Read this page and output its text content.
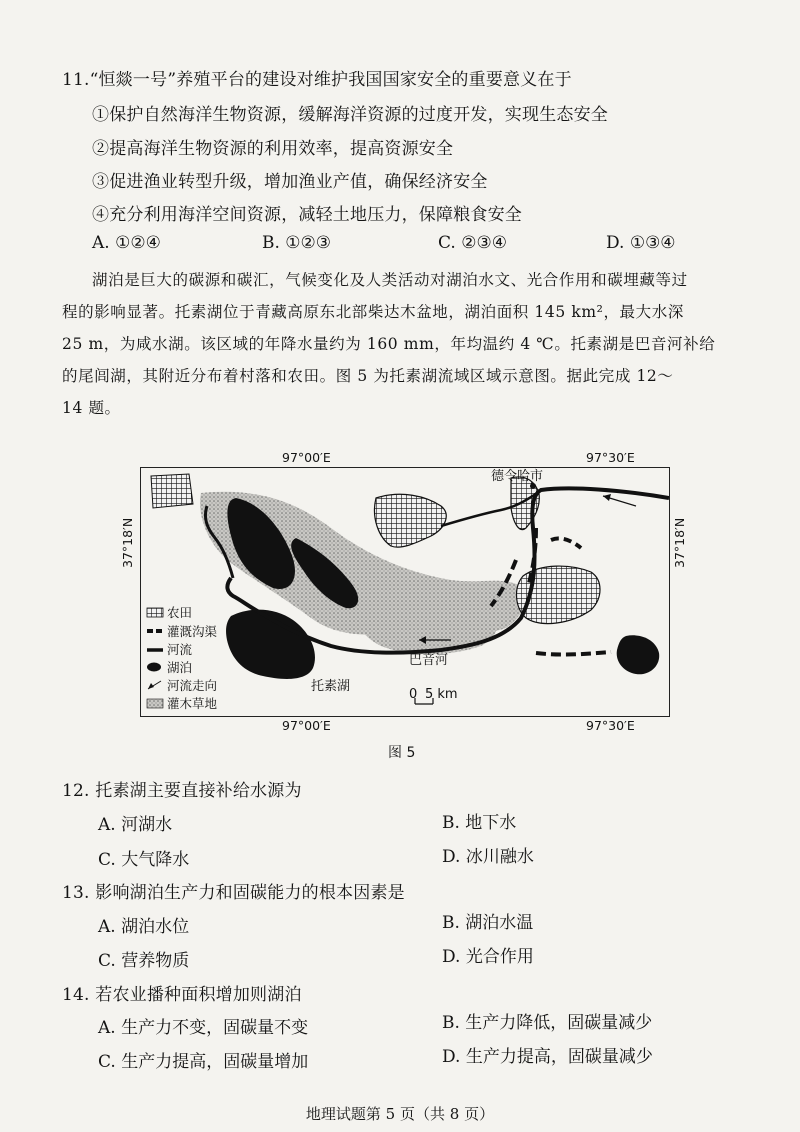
11.“恒燚一号”养殖平台的建设对维护我国国家安全的重要意义在于
①保护自然海洋生物资源，缓解海洋资源的过度开发，实现生态安全
②提高海洋生物资源的利用效率，提高资源安全
③促进渔业转型升级，增加渔业产值，确保经济安全
④充分利用海洋空间资源，减轻土地压力，保障粮食安全
A. ①②④	B. ①②③	C. ②③④	D. ①③④
湖泊是巨大的碳源和碳汇，气候变化及人类活动对湖泊水文、光合作用和碳埋藏等过
程的影响显著。托素湖位于青藏高原东北部柴达木盆地，湖泊面积 145 km²，最大水深
25 m，为咸水湖。该区域的年降水量约为 160 mm，年均温约 4 ℃。托素湖是巴音河补给
的尾闾湖，其附近分布着村落和农田。图 5 为托素湖流域区域示意图。据此完成 12～
14 题。
97°00′E	97°30′E
97°00′E	97°30′E
37°18′N	37°18′N
农田
灌溉沟渠
河流
湖泊
河流走向
灌木草地
德令哈市
巴音河
托素湖
0 5 km
图 5
12. 托素湖主要直接补给水源为
A. 河湖水	B. 地下水
C. 大气降水	D. 冰川融水
13. 影响湖泊生产力和固碳能力的根本因素是
A. 湖泊水位	B. 湖泊水温
C. 营养物质	D. 光合作用
14. 若农业播种面积增加则湖泊
A. 生产力不变，固碳量不变	B. 生产力降低，固碳量减少
C. 生产力提高，固碳量增加	D. 生产力提高，固碳量减少
地理试题第 5 页（共 8 页）
